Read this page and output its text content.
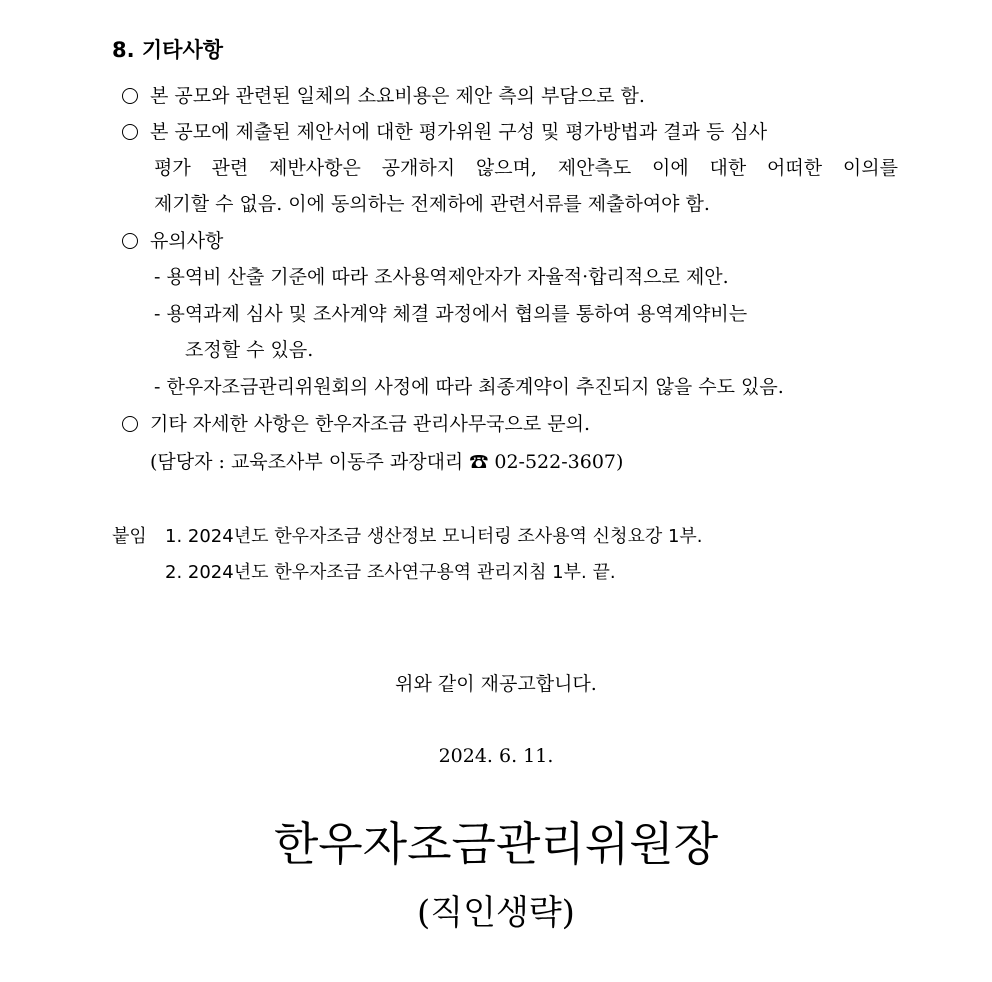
8. 기타사항
본 공모와 관련된 일체의 소요비용은 제안 측의 부담으로 함.
본 공모에 제출된 제안서에 대한 평가위원 구성 및 평가방법과 결과 등 심사
평가 관련 제반사항은 공개하지 않으며, 제안측도 이에 대한 어떠한 이의를
제기할 수 없음. 이에 동의하는 전제하에 관련서류를 제출하여야 함.
유의사항
- 용역비 산출 기준에 따라 조사용역제안자가 자율적·합리적으로 제안.
- 용역과제 심사 및 조사계약 체결 과정에서 협의를 통하여 용역계약비는
조정할 수 있음.
- 한우자조금관리위원회의 사정에 따라 최종계약이 추진되지 않을 수도 있음.
기타 자세한 사항은 한우자조금 관리사무국으로 문의.
(담당자 : 교육조사부 이동주 과장대리 ☎ 02-522-3607)
붙임 1. 2024년도 한우자조금 생산정보 모니터링 조사용역 신청요강 1부.
2. 2024년도 한우자조금 조사연구용역 관리지침 1부. 끝.
위와 같이 재공고합니다.
2024. 6. 11.
한우자조금관리위원장
(직인생략)
